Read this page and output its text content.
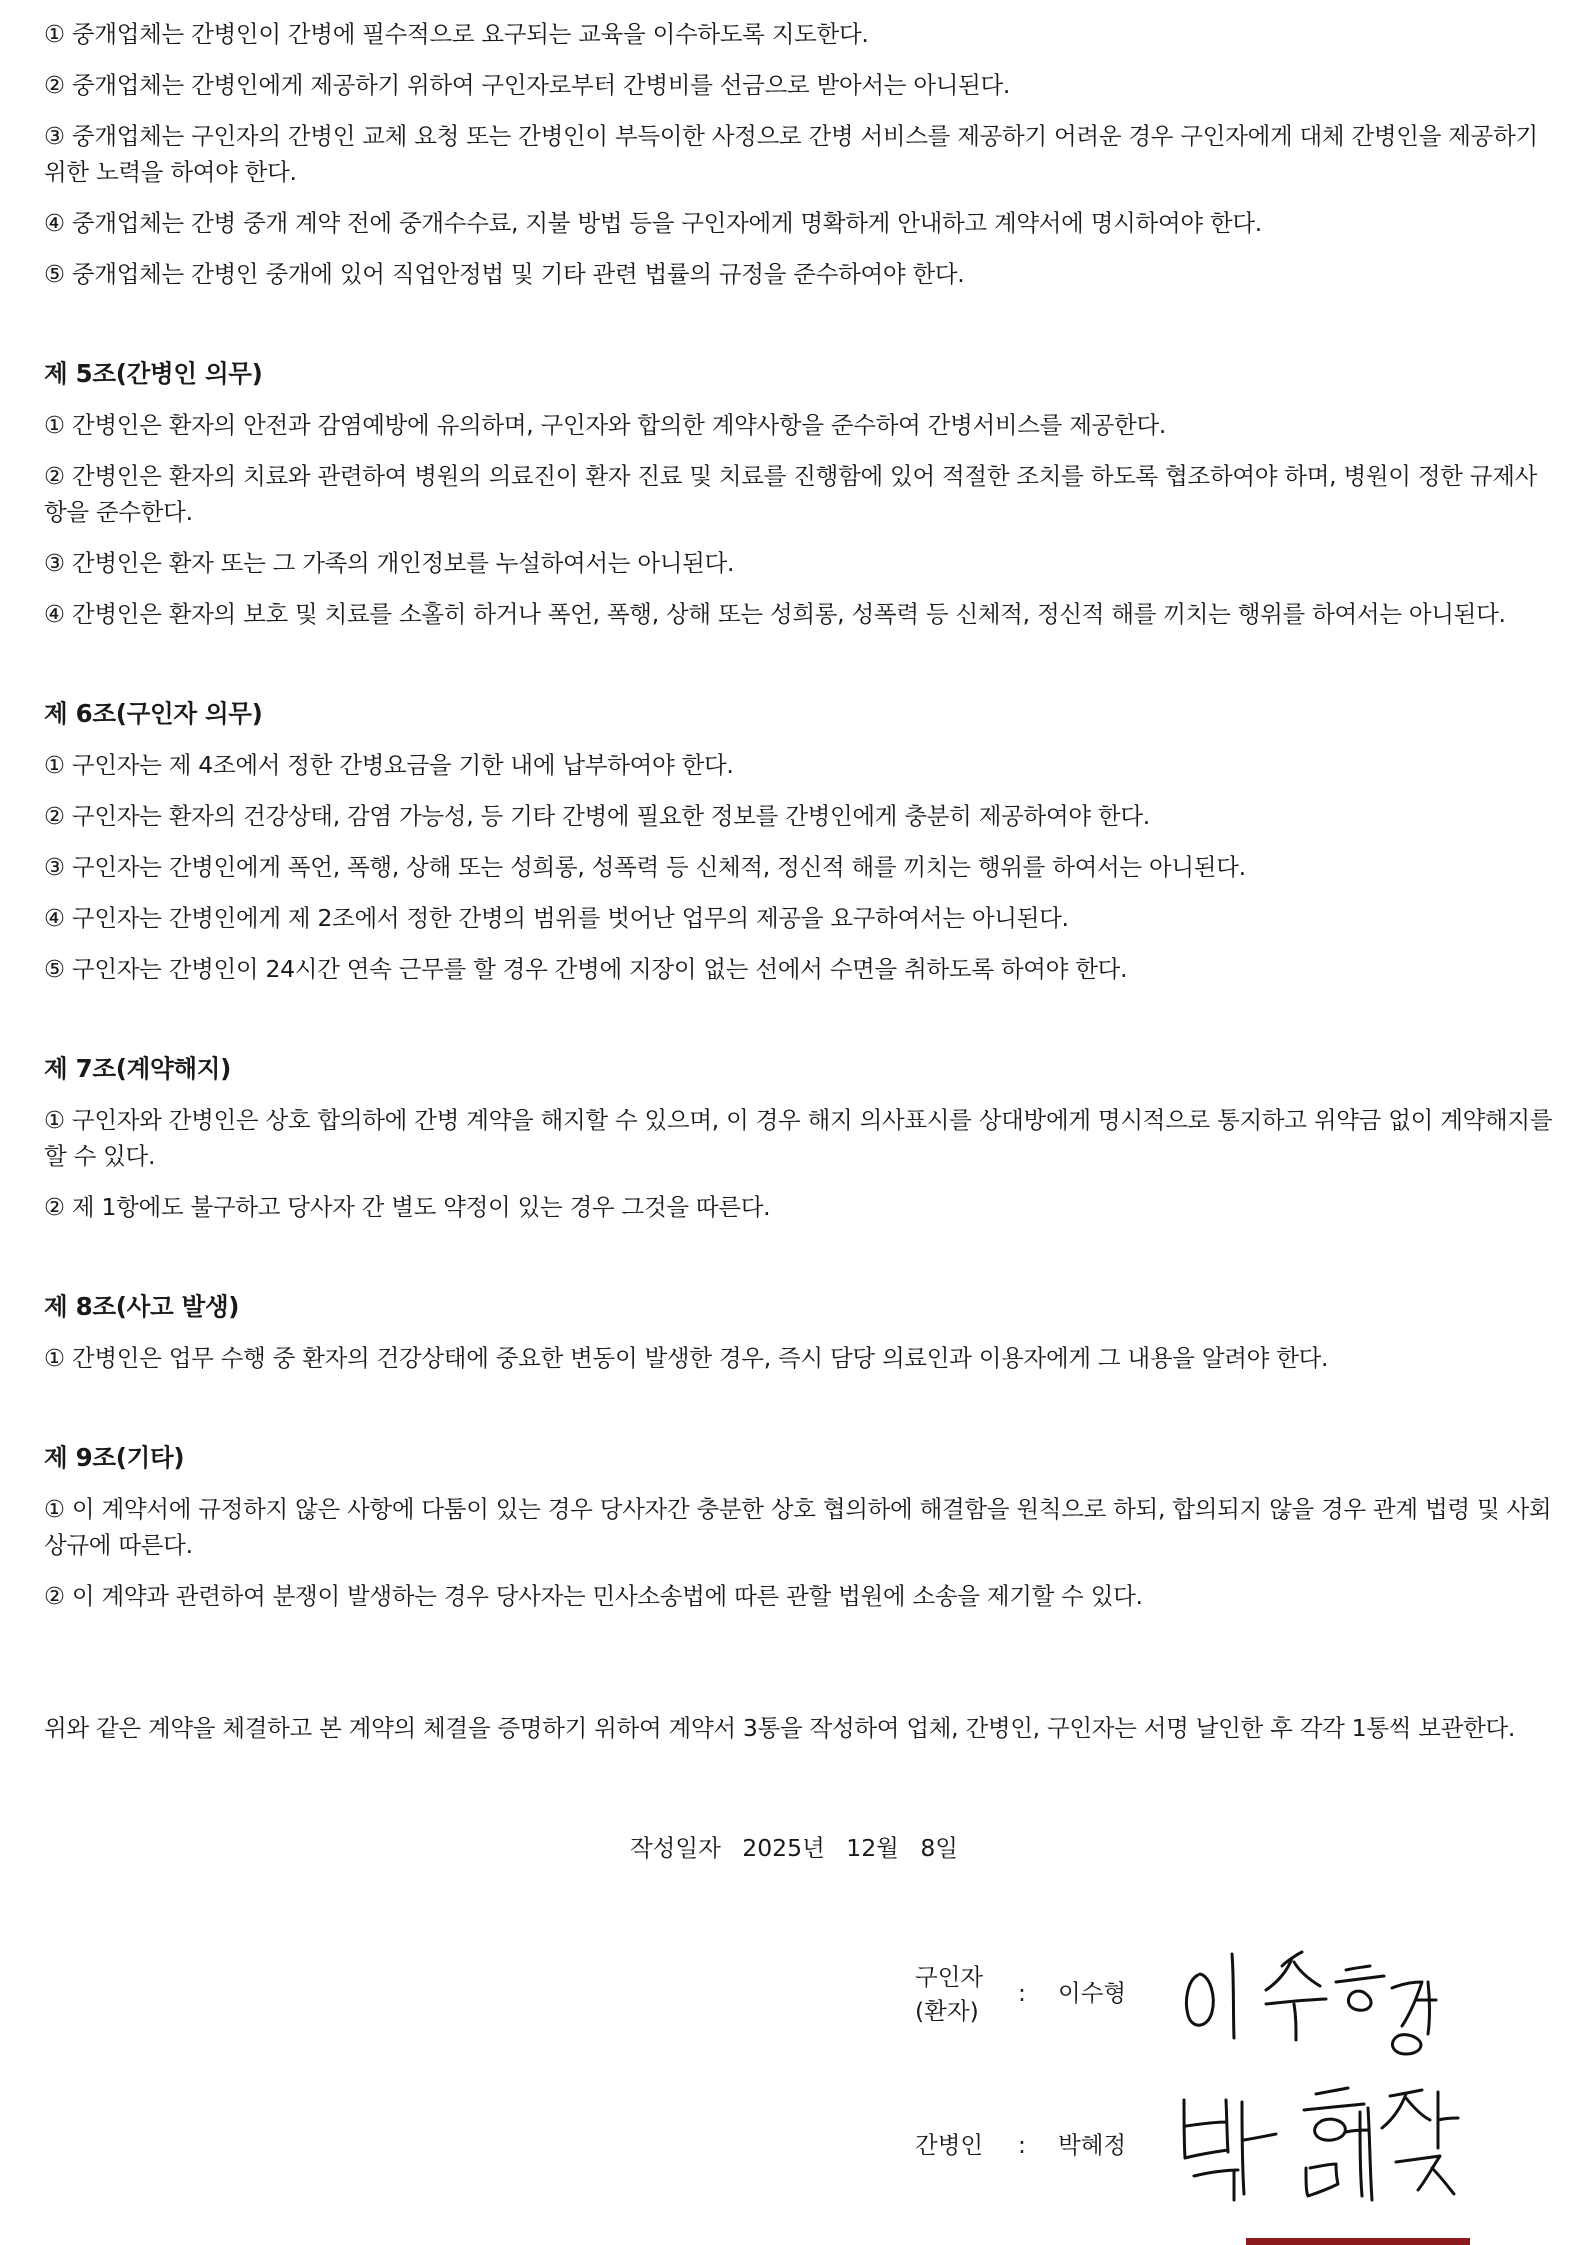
① 중개업체는 간병인이 간병에 필수적으로 요구되는 교육을 이수하도록 지도한다.

② 중개업체는 간병인에게 제공하기 위하여 구인자로부터 간병비를 선금으로 받아서는 아니된다.

③ 중개업체는 구인자의 간병인 교체 요청 또는 간병인이 부득이한 사정으로 간병 서비스를 제공하기 어려운 경우 구인자에게 대체 간병인을 제공하기 위한 노력을 하여야 한다.

④ 중개업체는 간병 중개 계약 전에 중개수수료, 지불 방법 등을 구인자에게 명확하게 안내하고 계약서에 명시하여야 한다.

⑤ 중개업체는 간병인 중개에 있어 직업안정법 및 기타 관련 법률의 규정을 준수하여야 한다.

제 5조(간병인 의무)

① 간병인은 환자의 안전과 감염예방에 유의하며, 구인자와 합의한 계약사항을 준수하여 간병서비스를 제공한다.

② 간병인은 환자의 치료와 관련하여 병원의 의료진이 환자 진료 및 치료를 진행함에 있어 적절한 조치를 하도록 협조하여야 하며, 병원이 정한 규제사항을 준수한다.

③ 간병인은 환자 또는 그 가족의 개인정보를 누설하여서는 아니된다.

④ 간병인은 환자의 보호 및 치료를 소홀히 하거나 폭언, 폭행, 상해 또는 성희롱, 성폭력 등 신체적, 정신적 해를 끼치는 행위를 하여서는 아니된다.

제 6조(구인자 의무)

① 구인자는 제 4조에서 정한 간병요금을 기한 내에 납부하여야 한다.

② 구인자는 환자의 건강상태, 감염 가능성, 등 기타 간병에 필요한 정보를 간병인에게 충분히 제공하여야 한다.

③ 구인자는 간병인에게 폭언, 폭행, 상해 또는 성희롱, 성폭력 등 신체적, 정신적 해를 끼치는 행위를 하여서는 아니된다.

④ 구인자는 간병인에게 제 2조에서 정한 간병의 범위를 벗어난 업무의 제공을 요구하여서는 아니된다.

⑤ 구인자는 간병인이 24시간 연속 근무를 할 경우 간병에 지장이 없는 선에서 수면을 취하도록 하여야 한다.

제 7조(계약해지)

① 구인자와 간병인은 상호 합의하에 간병 계약을 해지할 수 있으며, 이 경우 해지 의사표시를 상대방에게 명시적으로 통지하고 위약금 없이 계약해지를 할 수 있다.

② 제 1항에도 불구하고 당사자 간 별도 약정이 있는 경우 그것을 따른다.

제 8조(사고 발생)

① 간병인은 업무 수행 중 환자의 건강상태에 중요한 변동이 발생한 경우, 즉시 담당 의료인과 이용자에게 그 내용을 알려야 한다.

제 9조(기타)

① 이 계약서에 규정하지 않은 사항에 다툼이 있는 경우 당사자간 충분한 상호 협의하에 해결함을 원칙으로 하되, 합의되지 않을 경우 관계 법령 및 사회상규에 따른다.

② 이 계약과 관련하여 분쟁이 발생하는 경우 당사자는 민사소송법에 따른 관할 법원에 소송을 제기할 수 있다.

위와 같은 계약을 체결하고 본 계약의 체결을 증명하기 위하여 계약서 3통을 작성하여 업체, 간병인, 구인자는 서명 날인한 후 각각 1통씩 보관한다.

작성일자 2025년 12월 8일
구인자
(환자)
: 이수형
간병인 : 박혜정
